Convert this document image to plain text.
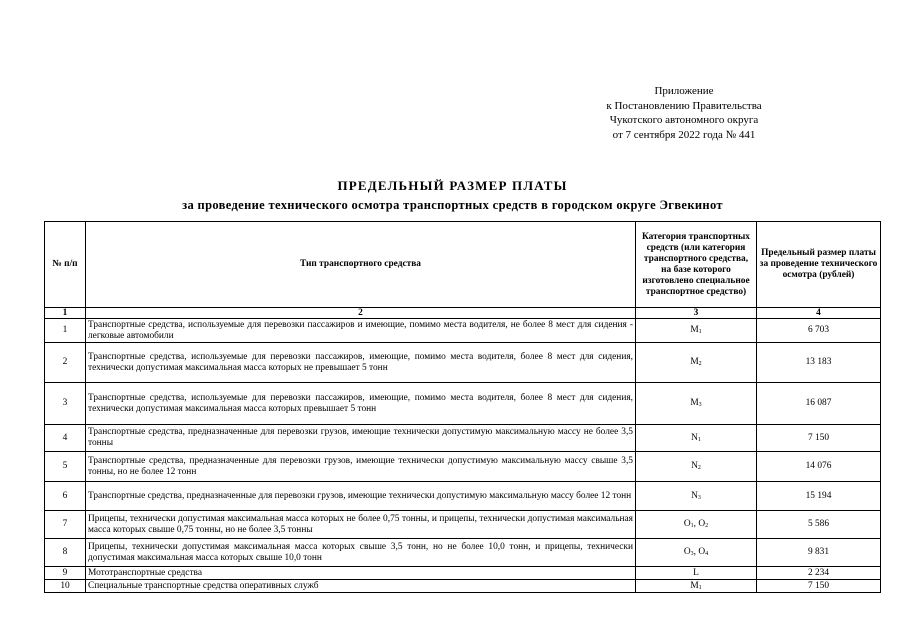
Приложение
к Постановлению Правительства
Чукотского автономного округа
от 7 сентября 2022 года № 441
ПРЕДЕЛЬНЫЙ РАЗМЕР ПЛАТЫ
за проведение технического осмотра транспортных средств в городском округе Эгвекинот
№ п/п	Тип транспортного средства	Категория транспортных средств (или категория транспортного средства, на базе которого изготовлено специальное транспортное средство)	Предельный размер платы за проведение технического осмотра (рублей)
1	2	3	4
1	Транспортные средства, используемые для перевозки пассажиров и имеющие, помимо места водителя, не более 8 мест для сидения - легковые автомобили	$M_1$	6 703
2	Транспортные средства, используемые для перевозки пассажиров, имеющие, помимо места водителя, более 8 мест для сидения, технически допустимая максимальная масса которых не превышает 5 тонн	$M_2$	13 183
3	Транспортные средства, используемые для перевозки пассажиров, имеющие, помимо места водителя, более 8 мест для сидения, технически допустимая максимальная масса которых превышает 5 тонн	$M_3$	16 087
4	Транспортные средства, предназначенные для перевозки грузов, имеющие технически допустимую максимальную массу не более 3,5 тонны	$N_1$	7 150
5	Транспортные средства, предназначенные для перевозки грузов, имеющие технически допустимую максимальную массу свыше 3,5 тонны, но не более 12 тонн	$N_2$	14 076
6	Транспортные средства, предназначенные для перевозки грузов, имеющие технически допустимую максимальную массу более 12 тонн	$N_3$	15 194
7	Прицепы, технически допустимая максимальная масса которых не более 0,75 тонны, и прицепы, технически допустимая максимальная масса которых свыше 0,75 тонны, но не более 3,5 тонны	$O_1$, $O_2$	5 586
8	Прицепы, технически допустимая максимальная масса которых свыше 3,5 тонн, но не более 10,0 тонн, и прицепы, технически допустимая максимальная масса которых свыше 10,0 тонн	$O_3$, $O_4$	9 831
9	Мототранспортные средства	L	2 234
10	Специальные транспортные средства оперативных служб	$M_1$	7 150
